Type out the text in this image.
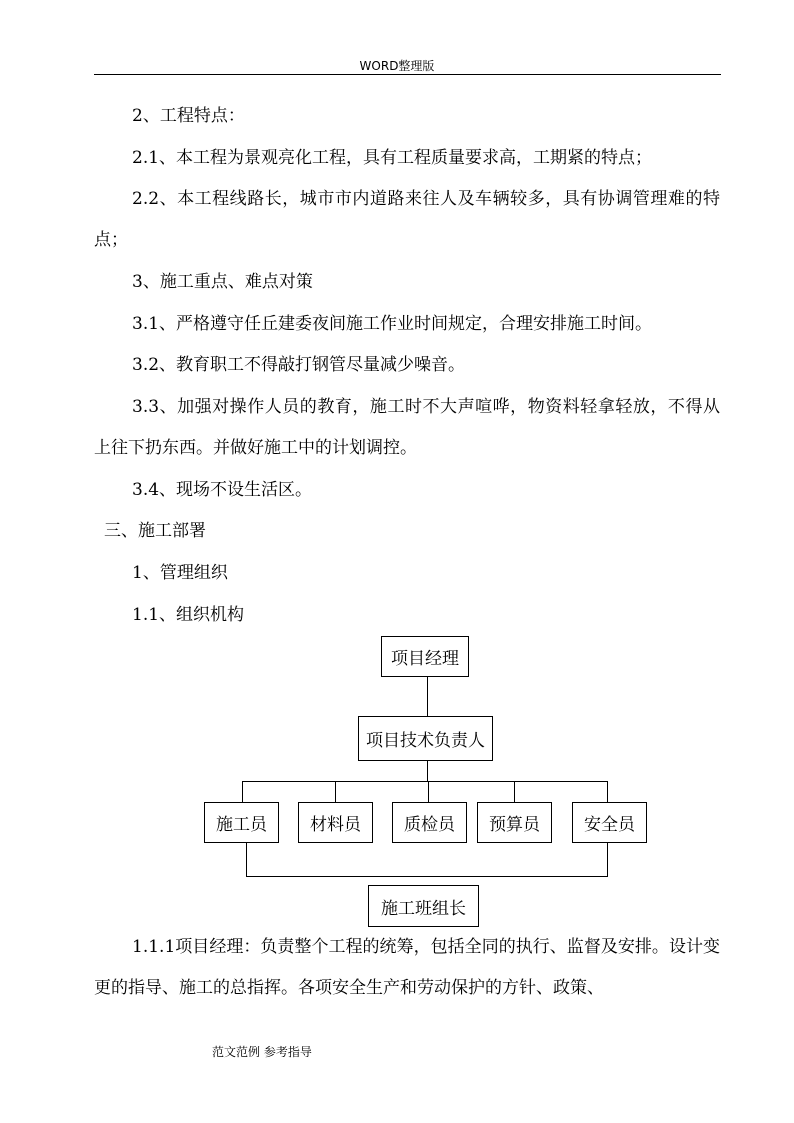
WORD整理版

2、工程特点：

2.1、本工程为景观亮化工程，具有工程质量要求高，工期紧的特点；

2.2、本工程线路长，城市市内道路来往人及车辆较多，具有协调管理难的特点；

3、施工重点、难点对策

3.1、严格遵守任丘建委夜间施工作业时间规定，合理安排施工时间。

3.2、教育职工不得敲打钢管尽量减少噪音。

3.3、加强对操作人员的教育，施工时不大声喧哗，物资料轻拿轻放，不得从上往下扔东西。并做好施工中的计划调控。

3.4、现场不设生活区。

三、施工部署

1、管理组织

1.1、组织机构

项目经理
项目技术负责人
施工员	材料员	质检员	预算员	安全员
施工班组长

1.1.1项目经理：负责整个工程的统筹，包括全同的执行、监督及安排。设计变更的指导、施工的总指挥。各项安全生产和劳动保护的方针、政策、

范文范例 参考指导
